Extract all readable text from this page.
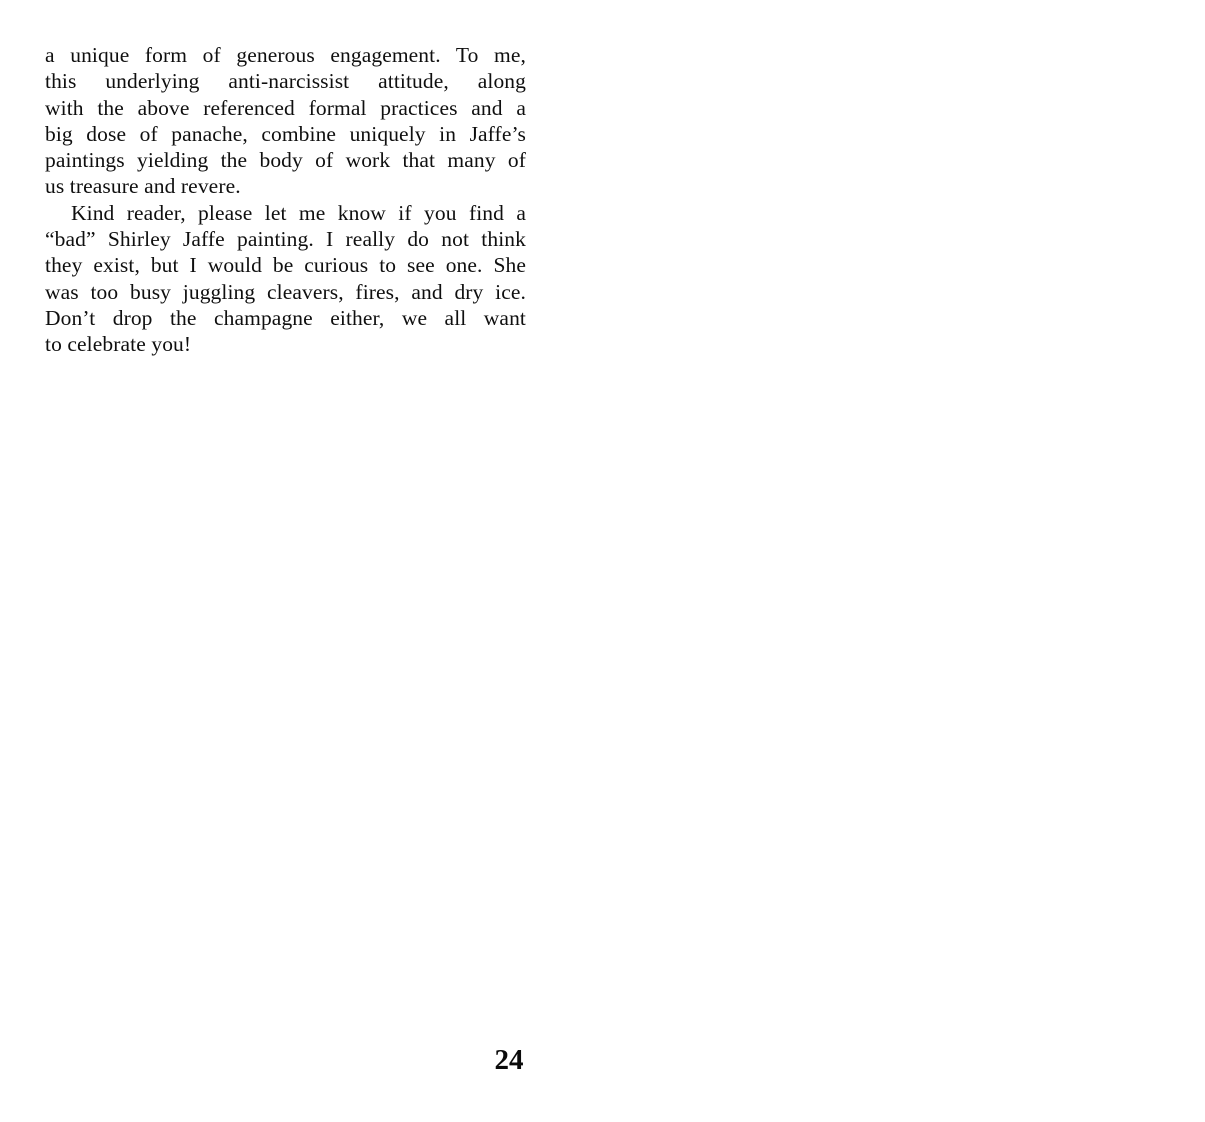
a unique form of generous engagement. To me,
this underlying anti-narcissist attitude, along
with the above referenced formal practices and a
big dose of panache, combine uniquely in Jaffe’s
paintings yielding the body of work that many of
us treasure and revere.
Kind reader, please let me know if you find a
“bad” Shirley Jaffe painting. I really do not think
they exist, but I would be curious to see one. She
was too busy juggling cleavers, fires, and dry ice.
Don’t drop the champagne either, we all want
to celebrate you!
24
